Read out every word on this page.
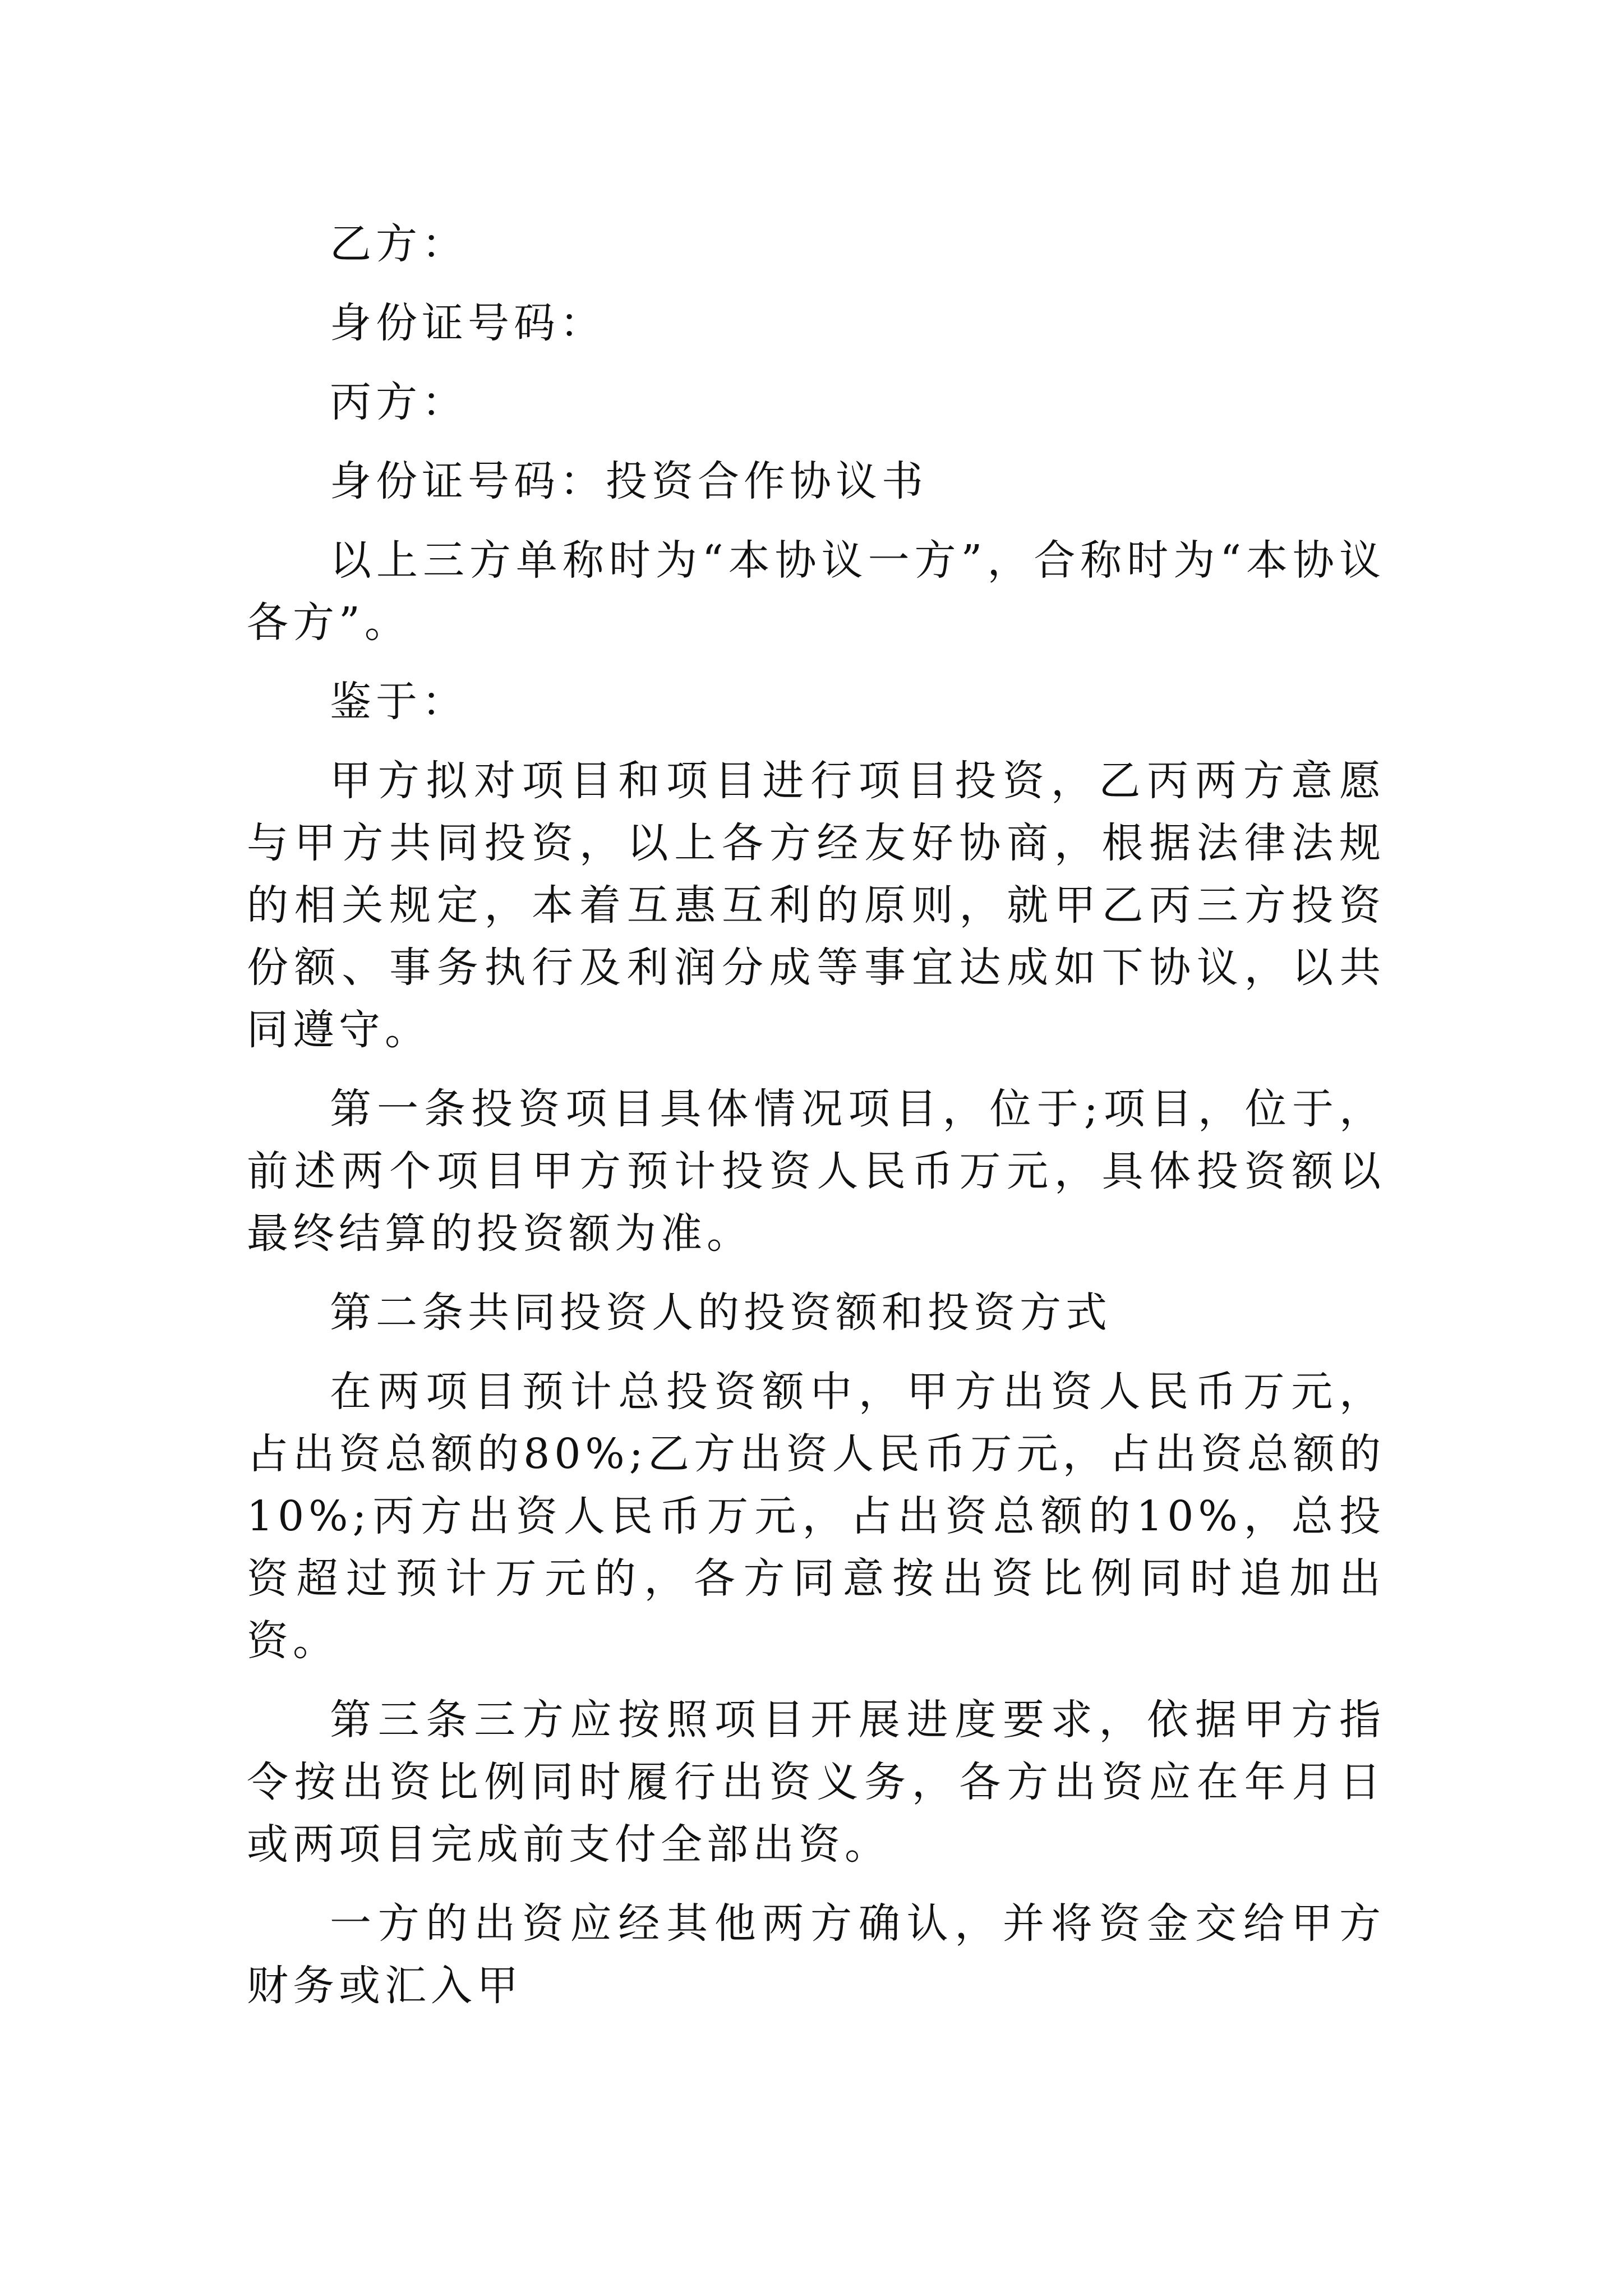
乙方：

身份证号码：

丙方：

身份证号码：投资合作协议书

以上三方单称时为“本协议一方”，合称时为“本协议各方”。

鉴于：

甲方拟对项目和项目进行项目投资，乙丙两方意愿与甲方共同投资，以上各方经友好协商，根据法律法规的相关规定，本着互惠互利的原则，就甲乙丙三方投资份额、事务执行及利润分成等事宜达成如下协议，以共同遵守。

第一条投资项目具体情况项目，位于;项目，位于，前述两个项目甲方预计投资人民币万元，具体投资额以最终结算的投资额为准。

第二条共同投资人的投资额和投资方式

在两项目预计总投资额中，甲方出资人民币万元，占出资总额的80%;乙方出资人民币万元，占出资总额的10%;丙方出资人民币万元，占出资总额的10%，总投资超过预计万元的，各方同意按出资比例同时追加出资。

第三条三方应按照项目开展进度要求，依据甲方指令按出资比例同时履行出资义务，各方出资应在年月日或两项目完成前支付全部出资。

一方的出资应经其他两方确认，并将资金交给甲方财务或汇入甲
